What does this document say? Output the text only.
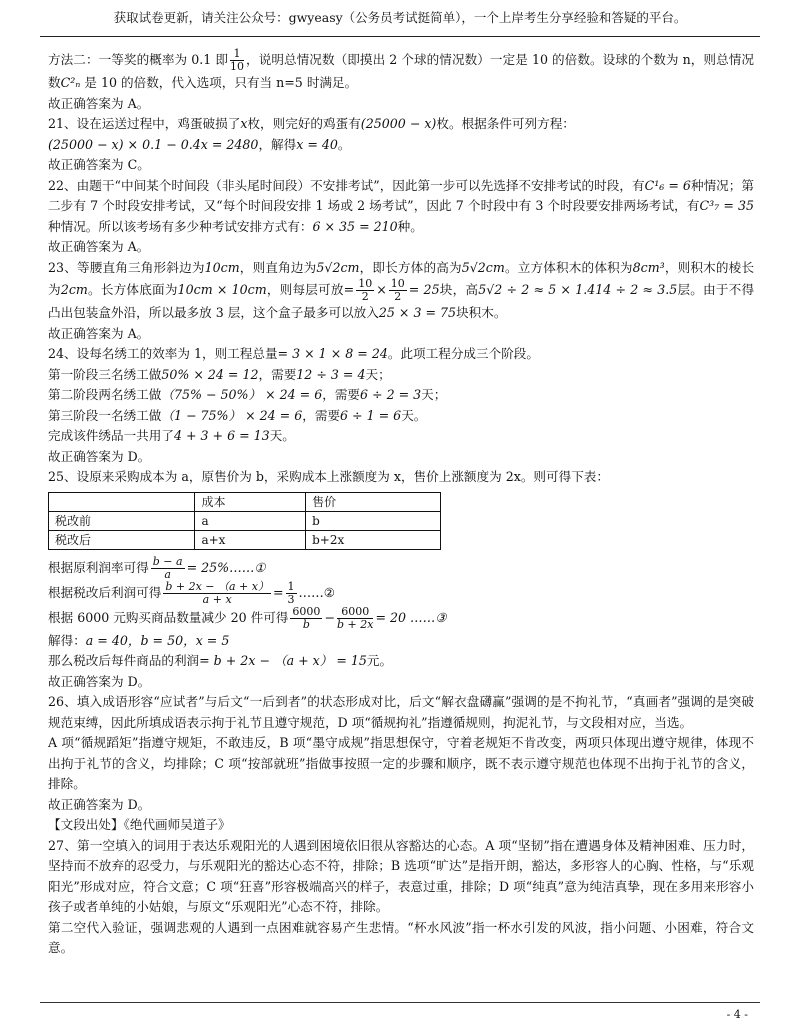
获取试卷更新，请关注公众号：gwyeasy（公务员考试挺简单），一个上岸考生分享经验和答疑的平台。

方法二：一等奖的概率为 0.1 即 $\frac{1}{10}$ ，说明总情况数（即摸出 2 个球的情况数）一定是 10 的倍数。设球的个数为 n，则总情况数C²ₙ 是 10 的倍数，代入选项，只有当 n=5 时满足。

故正确答案为 A。

21、设在运送过程中，鸡蛋破损了x枚，则完好的鸡蛋有(25000 − x)枚。根据条件可列方程：
(25000 − x) × 0.1 − 0.4x = 2480，解得x = 40。

故正确答案为 C。

22、由题干“中间某个时间段（非头尾时间段）不安排考试”，因此第一步可以先选择不安排考试的时段，有C¹₆ = 6种情况；第二步有 7 个时段安排考试，又“每个时间段安排 1 场或 2 场考试”，因此 7 个时段中有 3 个时段要安排两场考试，有C³₇ = 35种情况。所以该考场有多少种考试安排方式有：6 × 35 = 210种。

故正确答案为 A。

23、等腰直角三角形斜边为10cm，则直角边为5√2cm，即长方体的高为5√2cm。立方体积木的体积为8cm³，则积木的棱长为2cm。长方体底面为10cm × 10cm，则每层可放= $\frac{10}{2} \times \frac{10}{2} = 25$块，高5√2 ÷ 2 ≈ 5 × 1.414 ÷ 2 ≈ 3.5层。由于不得凸出包装盒外沿，所以最多放 3 层，这个盒子最多可以放入25 × 3 = 75块积木。

故正确答案为 A。

24、设每名绣工的效率为 1，则工程总量= 3 × 1 × 8 = 24。此项工程分成三个阶段。

第一阶段三名绣工做50% × 24 = 12，需要12 ÷ 3 = 4天；

第二阶段两名绣工做（75% − 50%） × 24 = 6，需要6 ÷ 2 = 3天；

第三阶段一名绣工做（1 − 75%） × 24 = 6，需要6 ÷ 1 = 6天。

完成该件绣品一共用了4 + 3 + 6 = 13天。

故正确答案为 D。

25、设原来采购成本为 a，原售价为 b，采购成本上涨额度为 x，售价上涨额度为 2x。则可得下表：

	成本	售价
税改前	a	b
税改后	a+x	b+2x

根据原利润率可得 $\frac{b - a}{a}$ = 25%……①

根据税改后利润可得 $\frac{b + 2x - (a + x)}{a + x} = \frac{1}{3}$ ……②

根据 6000 元购买商品数量减少 20 件可得 $\frac{6000}{b} - \frac{6000}{b + 2x} = 20$ ……③

解得：a = 40，b = 50，x = 5

那么税改后每件商品的利润= b + 2x − （a + x） = 15元。

故正确答案为 D。

26、填入成语形容“应试者”与后文“一后到者”的状态形成对比，后文“解衣盘礴赢”强调的是不拘礼节，“真画者”强调的是突破规范束缚，因此所填成语表示拘于礼节且遵守规范，D 项“循规拘礼”指遵循规则，拘泥礼节，与文段相对应，当选。

A 项“循规蹈矩”指遵守规矩，不敢违反，B 项“墨守成规”指思想保守，守着老规矩不肯改变，两项只体现出遵守规律，体现不出拘于礼节的含义，均排除；C 项“按部就班”指做事按照一定的步骤和顺序，既不表示遵守规范也体现不出拘于礼节的含义，排除。

故正确答案为 D。

【文段出处】《绝代画师吴道子》

27、第一空填入的词用于表达乐观阳光的人遇到困境依旧很从容豁达的心态。A 项“坚韧”指在遭遇身体及精神困难、压力时，坚持而不放弃的忍受力，与乐观阳光的豁达心态不符，排除；B 选项“旷达”是指开朗，豁达，多形容人的心胸、性格，与“乐观阳光”形成对应，符合文意；C 项“狂喜”形容极端高兴的样子，表意过重，排除；D 项“纯真”意为纯洁真挚，现在多用来形容小孩子或者单纯的小姑娘，与原文“乐观阳光”心态不符，排除。

第二空代入验证，强调悲观的人遇到一点困难就容易产生悲情。“杯水风波”指一杯水引发的风波，指小问题、小困难，符合文意。

- 4 -
